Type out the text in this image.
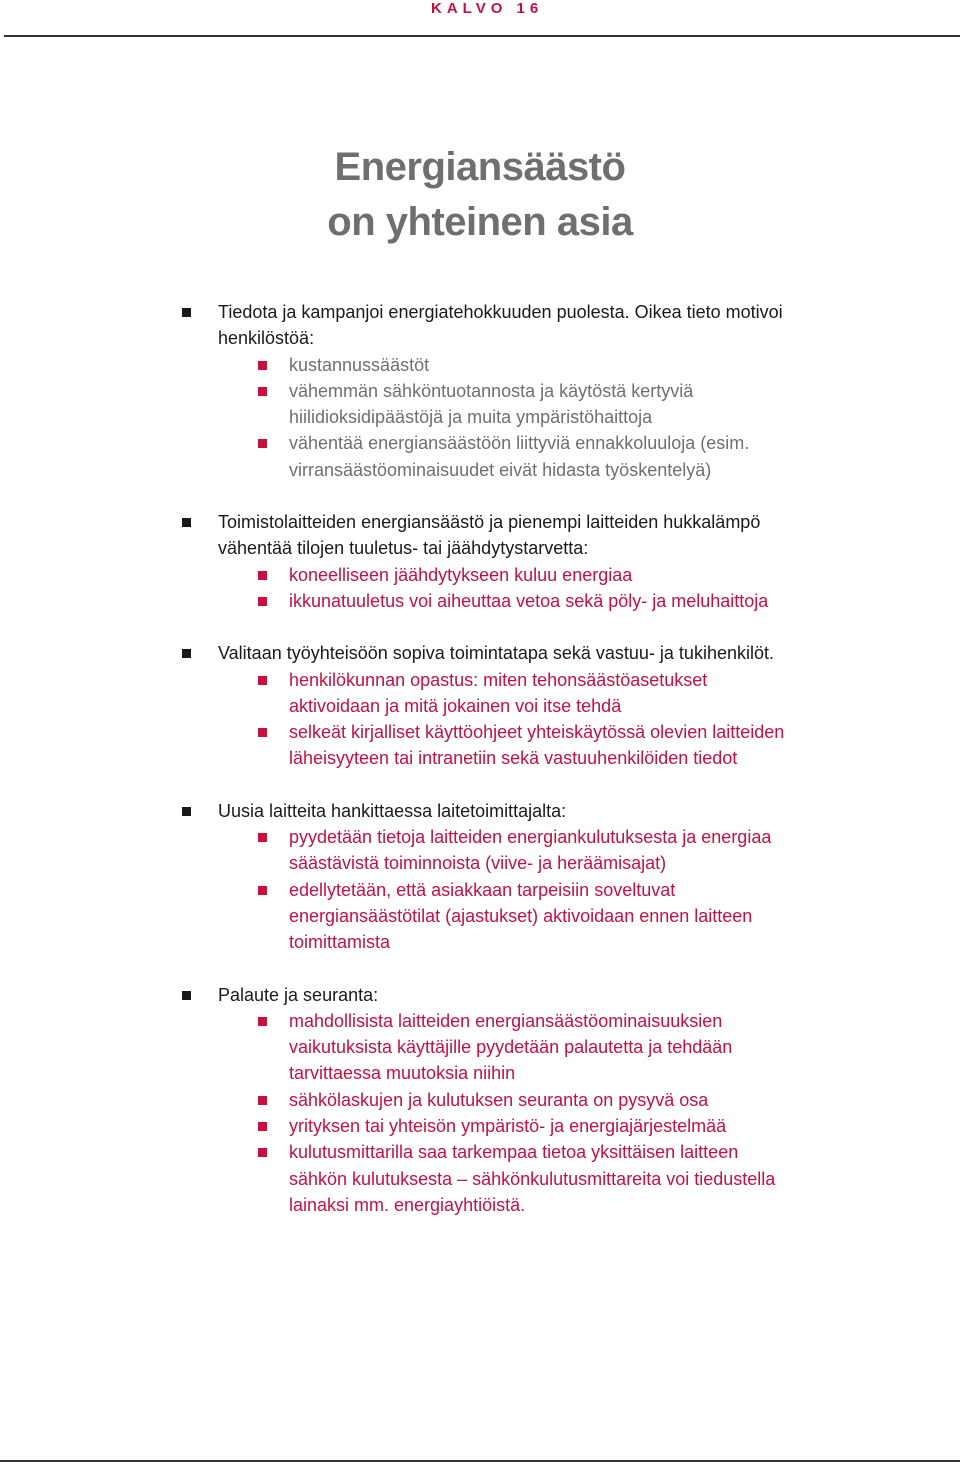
KALVO 16
Energiansäästö
on yhteinen asia
Tiedota ja kampanjoi energiatehokkuuden puolesta. Oikea tieto motivoi henkilöstöä:
kustannussäästöt
vähemmän sähköntuotannosta ja käytöstä kertyviä hiilidioksidipäästöjä ja muita ympäristöhaittoja
vähentää energiansäästöön liittyviä ennakkoluuloja (esim. virransäästöominaisuudet eivät hidasta työskentelyä)
Toimistolaitteiden energiansäästö ja pienempi laitteiden hukkalämpö vähentää tilojen tuuletus- tai jäähdytystarvetta:
koneelliseen jäähdytykseen kuluu energiaa
ikkunatuuletus voi aiheuttaa vetoa sekä pöly- ja meluhaittoja
Valitaan työyhteisöön sopiva toimintatapa sekä vastuu- ja tukihenkilöt.
henkilökunnan opastus: miten tehonsäästöasetukset aktivoidaan ja mitä jokainen voi itse tehdä
selkeät kirjalliset käyttöohjeet yhteiskäytössä olevien laitteiden läheisyyteen tai intranetiin sekä vastuuhenkilöiden tiedot
Uusia laitteita hankittaessa laitetoimittajalta:
pyydetään tietoja laitteiden energiankulutuksesta ja energiaa säästävistä toiminnoista (viive- ja heräämisajat)
edellytetään, että asiakkaan tarpeisiin soveltuvat energiansäästötilat (ajastukset) aktivoidaan ennen laitteen toimittamista
Palaute ja seuranta:
mahdollisista laitteiden energiansäästöominaisuuksien vaikutuksista käyttäjille pyydetään palautetta ja tehdään tarvittaessa muutoksia niihin
sähkölaskujen ja kulutuksen seuranta on pysyvä osa
yrityksen tai yhteisön ympäristö- ja energiajärjestelmää
kulutusmittarilla saa tarkempaa tietoa yksittäisen laitteen sähkön kulutuksesta – sähkönkulutusmittareita voi tiedustella lainaksi mm. energiayhtiöistä.
